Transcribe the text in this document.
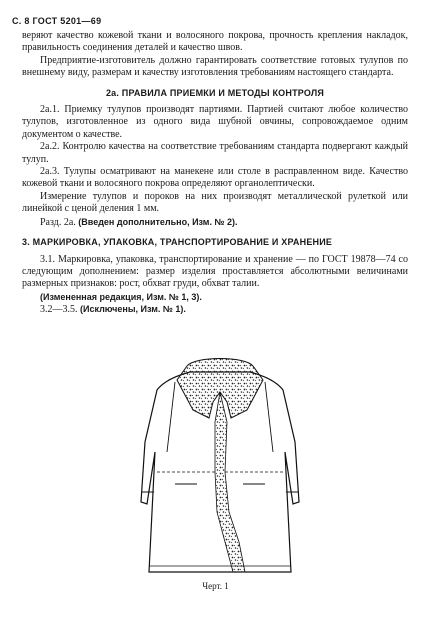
С. 8 ГОСТ 5201—69

веряют качество кожевой ткани и волосяного покрова, прочность крепления накладок, правильность соединения деталей и качество швов.

Предприятие-изготовитель должно гарантировать соответствие готовых тулупов по внешнему виду, размерам и качеству изготовления требованиям настоящего стандарта.

2а. ПРАВИЛА ПРИЕМКИ И МЕТОДЫ КОНТРОЛЯ

2а.1. Приемку тулупов производят партиями. Партией считают любое количество тулупов, изготовленное из одного вида шубной овчины, сопровождаемое одним документом о качестве.

2а.2. Контролю качества на соответствие требованиям стандарта подвергают каждый тулуп.

2а.3. Тулупы осматривают на манекене или столе в расправленном виде. Качество кожевой ткани и волосяного покрова определяют органолептически.

Измерение тулупов и пороков на них производят металлической рулеткой или линейкой с ценой деления 1 мм.

Разд. 2а. (Введен дополнительно, Изм. № 2).

3. МАРКИРОВКА, УПАКОВКА, ТРАНСПОРТИРОВАНИЕ И ХРАНЕНИЕ

3.1. Маркировка, упаковка, транспортирование и хранение — по ГОСТ 19878—74 со следующим дополнением: размер изделия проставляется абсолютными величинами размерных признаков: рост, обхват груди, обхват талии.

(Измененная редакция, Изм. № 1, 3).

3.2—3.5. (Исключены, Изм. № 1).

Черт. 1
